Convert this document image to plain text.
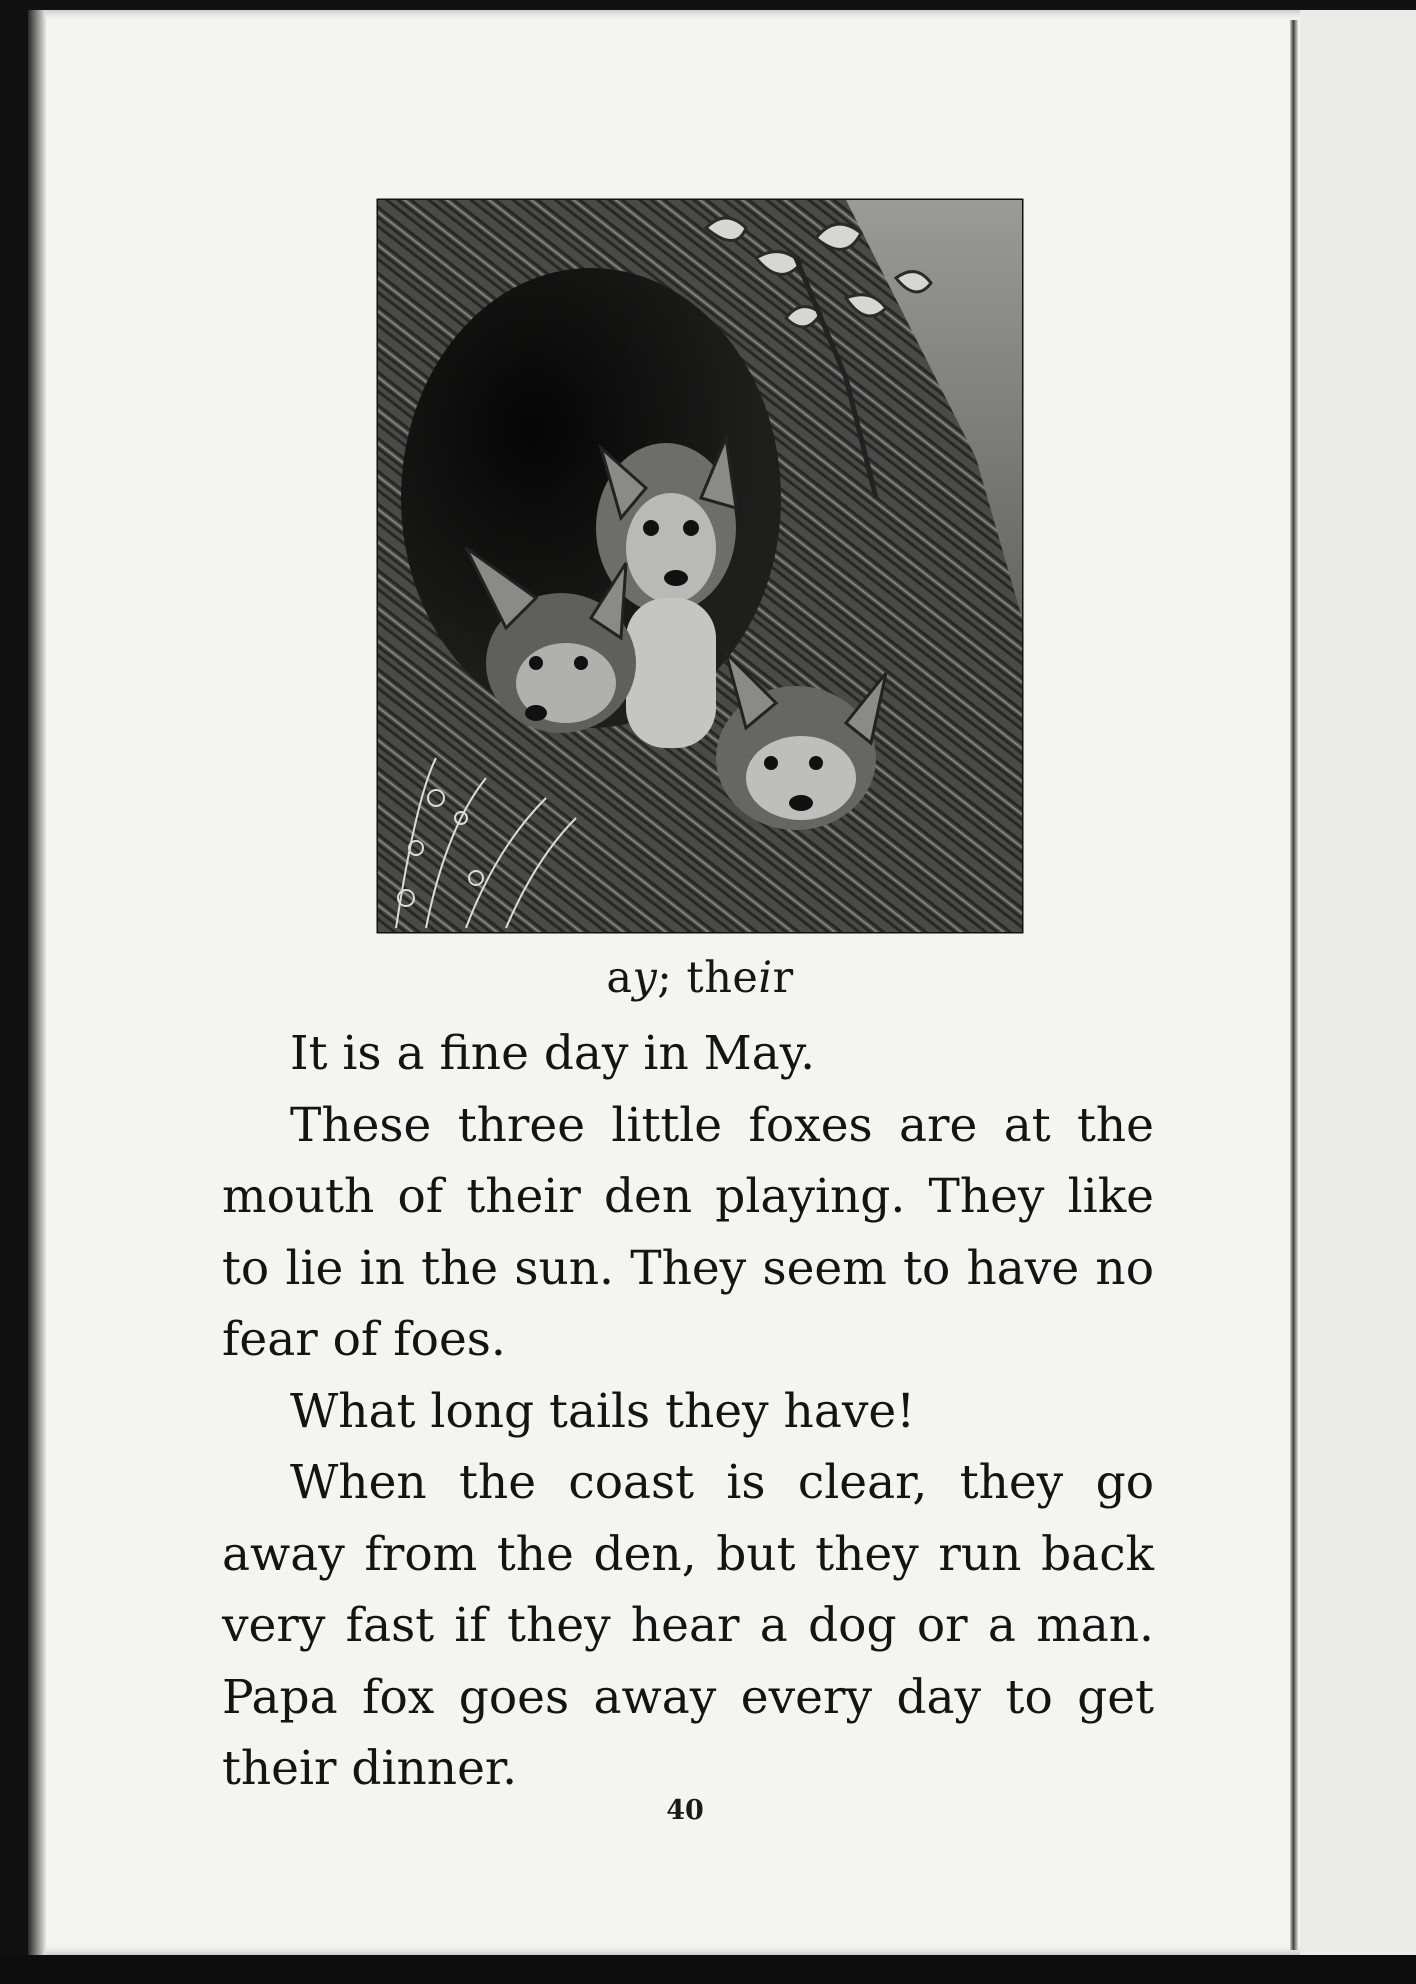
ay; their

It is a fine day in May.

These three little foxes are at the mouth of their den playing. They like to lie in the sun. They seem to have no fear of foes.

What long tails they have!

When the coast is clear, they go away from the den, but they run back very fast if they hear a dog or a man. Papa fox goes away every day to get their dinner.

40
